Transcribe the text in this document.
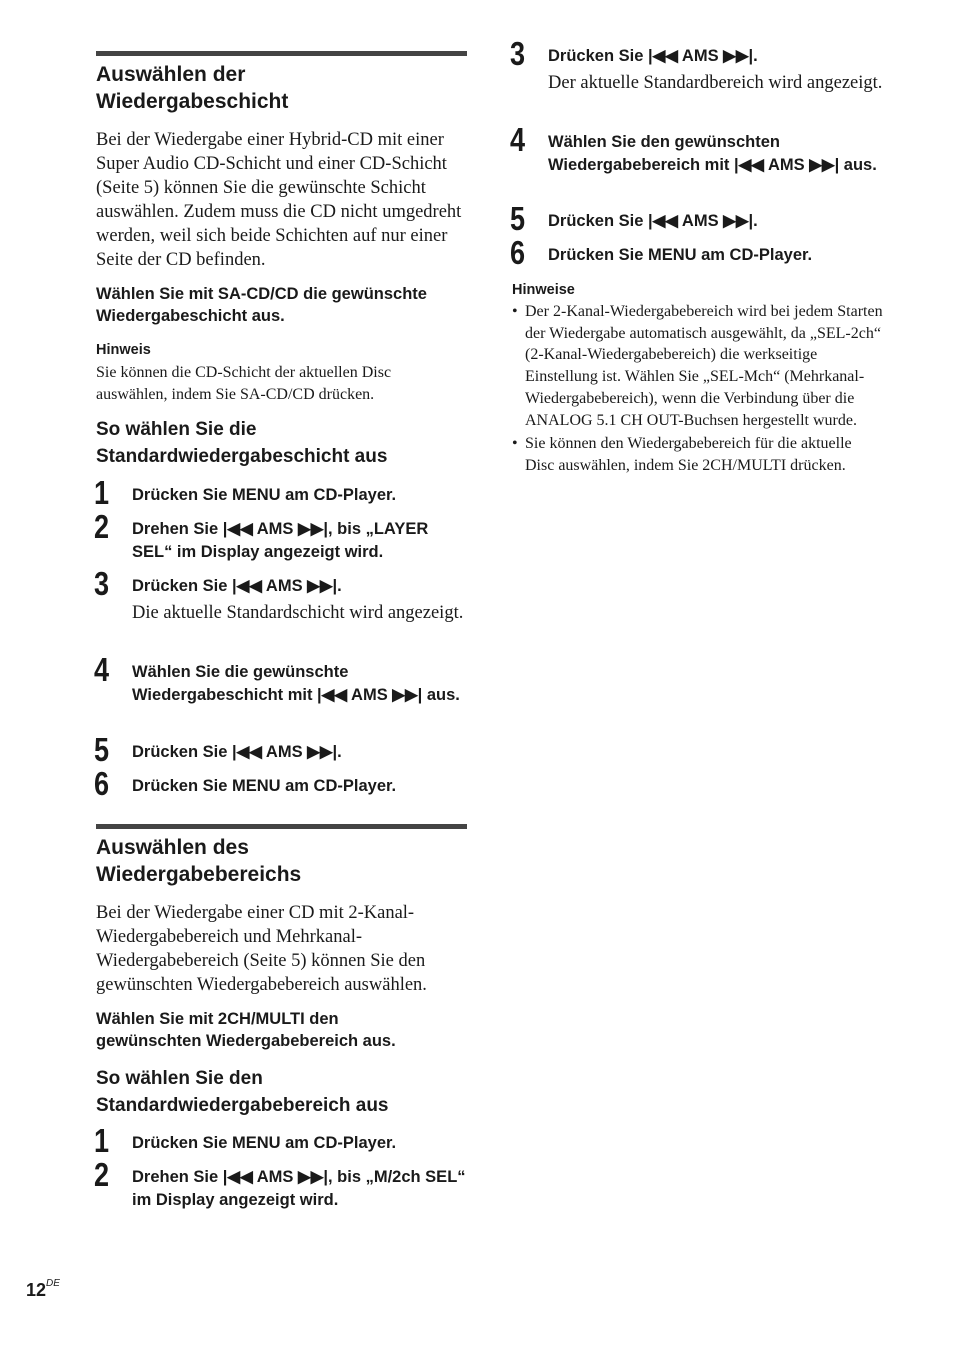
Auswählen der
Wiedergabeschicht

Bei der Wiedergabe einer Hybrid-CD mit einer Super Audio CD-Schicht und einer CD-Schicht (Seite 5) können Sie die gewünschte Schicht auswählen. Zudem muss die CD nicht umgedreht werden, weil sich beide Schichten auf nur einer Seite der CD befinden.

Wählen Sie mit SA-CD/CD die gewünschte Wiedergabeschicht aus.

Hinweis

Sie können die CD-Schicht der aktuellen Disc auswählen, indem Sie SA-CD/CD drücken.

So wählen Sie die
Standardwiedergabeschicht aus
1 Drücken Sie MENU am CD-Player.

2 Drehen Sie |◀◀ AMS ▶▶|, bis „LAYER SEL“ im Display angezeigt wird.

3 Drücken Sie |◀◀ AMS ▶▶|.

Die aktuelle Standardschicht wird angezeigt.

4 Wählen Sie die gewünschte Wiedergabeschicht mit |◀◀ AMS ▶▶| aus.

5 Drücken Sie |◀◀ AMS ▶▶|.

6 Drücken Sie MENU am CD-Player.

Auswählen des
Wiedergabebereichs

Bei der Wiedergabe einer CD mit 2-Kanal-Wiedergabebereich und Mehrkanal-Wiedergabebereich (Seite 5) können Sie den gewünschten Wiedergabebereich auswählen.

Wählen Sie mit 2CH/MULTI den gewünschten Wiedergabebereich aus.

So wählen Sie den
Standardwiedergabebereich aus
1 Drücken Sie MENU am CD-Player.

2 Drehen Sie |◀◀ AMS ▶▶|, bis „M/2ch SEL“ im Display angezeigt wird.

3 Drücken Sie |◀◀ AMS ▶▶|.

Der aktuelle Standardbereich wird angezeigt.

4 Wählen Sie den gewünschten Wiedergabebereich mit |◀◀ AMS ▶▶| aus.

5 Drücken Sie |◀◀ AMS ▶▶|.

6 Drücken Sie MENU am CD-Player.

Hinweise

• Der 2-Kanal-Wiedergabebereich wird bei jedem Starten der Wiedergabe automatisch ausgewählt, da „SEL-2ch“ (2-Kanal-Wiedergabebereich) die werkseitige Einstellung ist. Wählen Sie „SEL-Mch“ (Mehrkanal-Wiedergabebereich), wenn die Verbindung über die ANALOG 5.1 CH OUT-Buchsen hergestellt wurde.
• Sie können den Wiedergabebereich für die aktuelle Disc auswählen, indem Sie 2CH/MULTI drücken.
12DE
